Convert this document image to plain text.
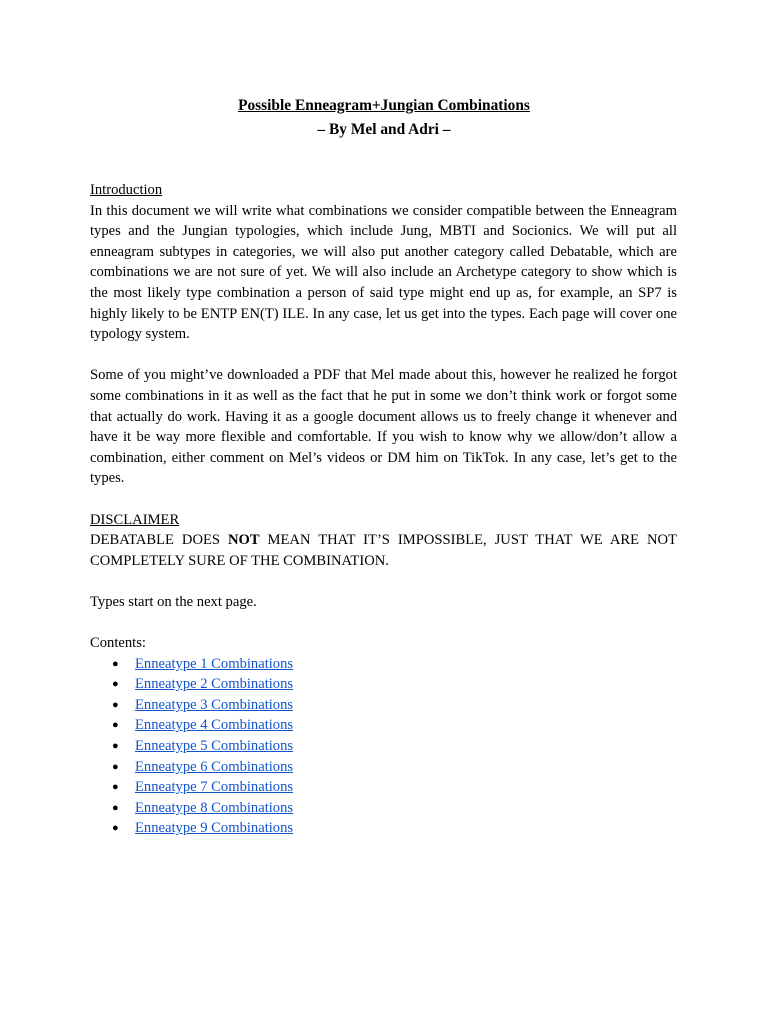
Possible Enneagram+Jungian Combinations
– By Mel and Adri –
Introduction

In this document we will write what combinations we consider compatible between the Enneagram types and the Jungian typologies, which include Jung, MBTI and Socionics. We will put all enneagram subtypes in categories, we will also put another category called Debatable, which are combinations we are not sure of yet. We will also include an Archetype category to show which is the most likely type combination a person of said type might end up as, for example, an SP7 is highly likely to be ENTP EN(T) ILE. In any case, let us get into the types. Each page will cover one typology system.

Some of you might’ve downloaded a PDF that Mel made about this, however he realized he forgot some combinations in it as well as the fact that he put in some we don’t think work or forgot some that actually do work. Having it as a google document allows us to freely change it whenever and have it be way more flexible and comfortable. If you wish to know why we allow/don’t allow a combination, either comment on Mel’s videos or DM him on TikTok. In any case, let’s get to the types.

DISCLAIMER

DEBATABLE DOES NOT MEAN THAT IT’S IMPOSSIBLE, JUST THAT WE ARE NOT COMPLETELY SURE OF THE COMBINATION.

Types start on the next page.

Contents:
● Enneatype 1 Combinations
● Enneatype 2 Combinations
● Enneatype 3 Combinations
● Enneatype 4 Combinations
● Enneatype 5 Combinations
● Enneatype 6 Combinations
● Enneatype 7 Combinations
● Enneatype 8 Combinations
● Enneatype 9 Combinations
